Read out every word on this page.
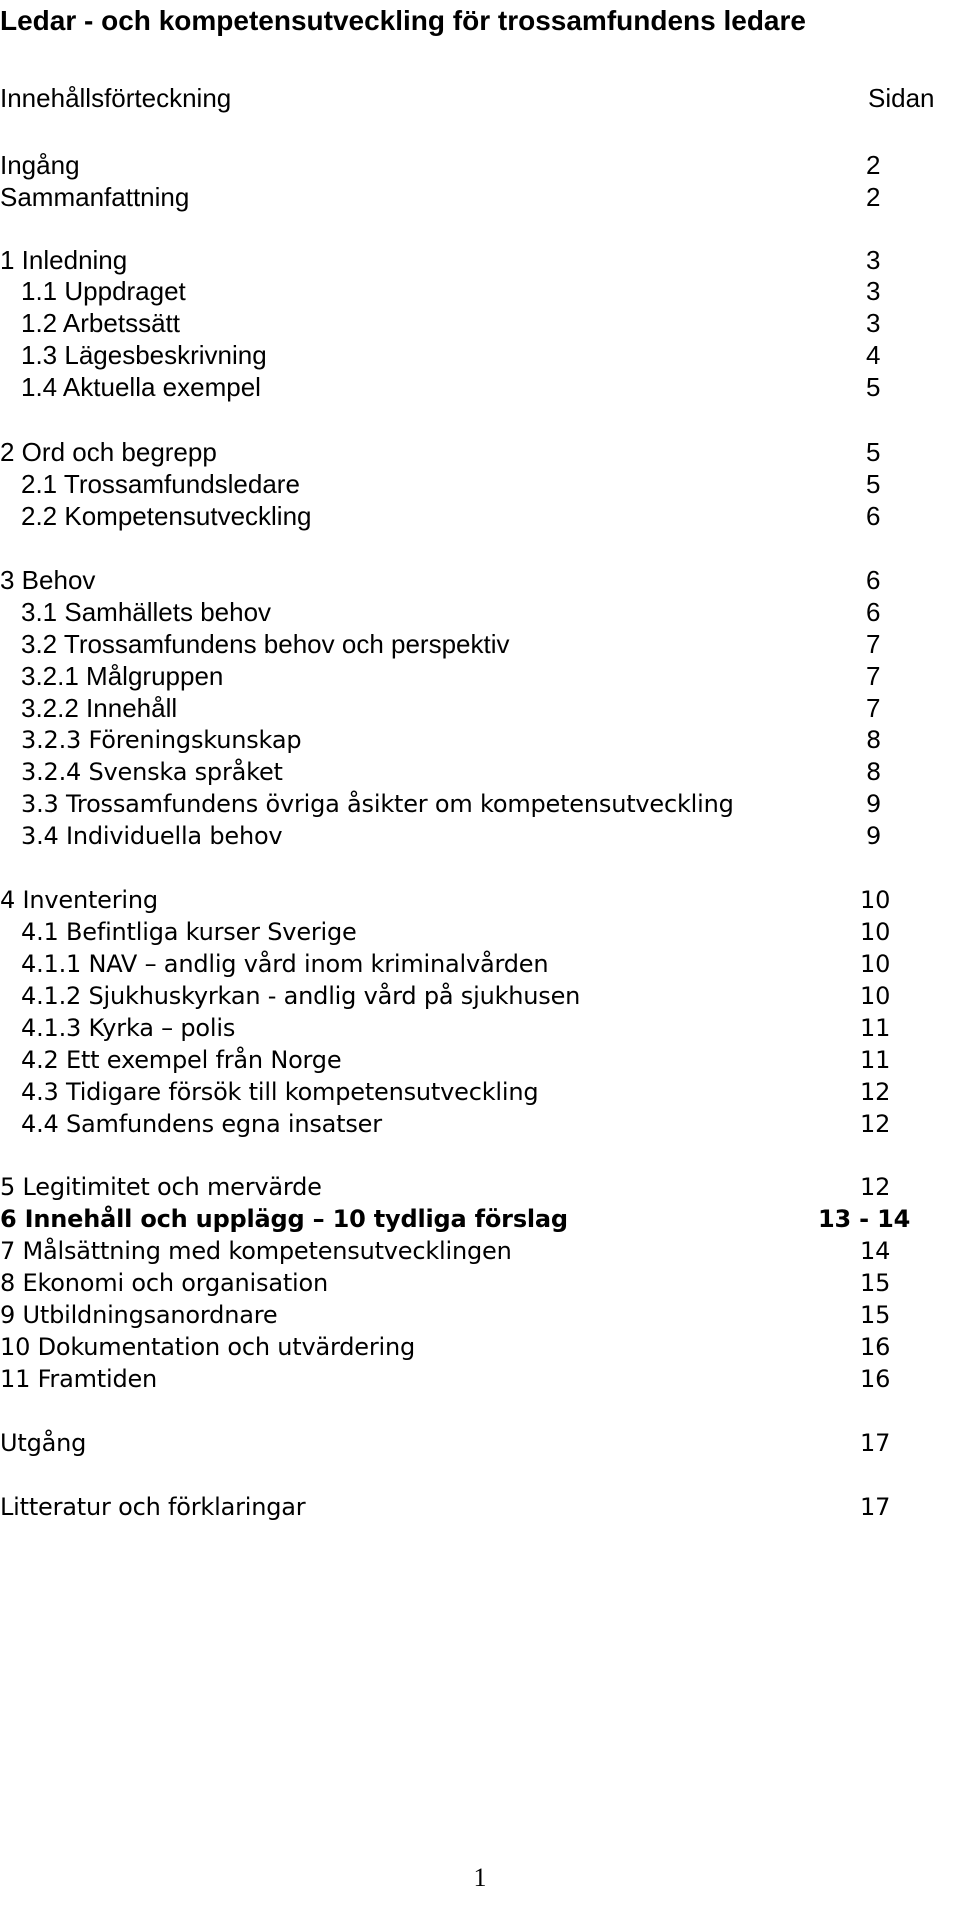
Ledar - och kompetensutveckling för trossamfundens ledare
Innehållsförteckning	Sidan
Ingång	2
Sammanfattning	2
1 Inledning	3
1.1 Uppdraget	3
1.2 Arbetssätt	3
1.3 Lägesbeskrivning	4
1.4 Aktuella exempel	5
2 Ord och begrepp	5
2.1 Trossamfundsledare	5
2.2 Kompetensutveckling	6
3 Behov	6
3.1 Samhällets behov	6
3.2 Trossamfundens behov och perspektiv	7
3.2.1 Målgruppen	7
3.2.2 Innehåll	7
3.2.3 Föreningskunskap	8
3.2.4 Svenska språket	8
3.3 Trossamfundens övriga åsikter om kompetensutveckling	9
3.4 Individuella behov	9
4 Inventering	10
4.1 Befintliga kurser Sverige	10
4.1.1 NAV – andlig vård inom kriminalvården	10
4.1.2 Sjukhuskyrkan - andlig vård på sjukhusen	10
4.1.3 Kyrka – polis	11
4.2 Ett exempel från Norge	11
4.3 Tidigare försök till kompetensutveckling	12
4.4 Samfundens egna insatser	12
5 Legitimitet och mervärde	12
6 Innehåll och upplägg – 10 tydliga förslag	13 - 14
7 Målsättning med kompetensutvecklingen	14
8 Ekonomi och organisation	15
9 Utbildningsanordnare	15
10 Dokumentation och utvärdering	16
11 Framtiden	16
Utgång	17
Litteratur och förklaringar	17
1
